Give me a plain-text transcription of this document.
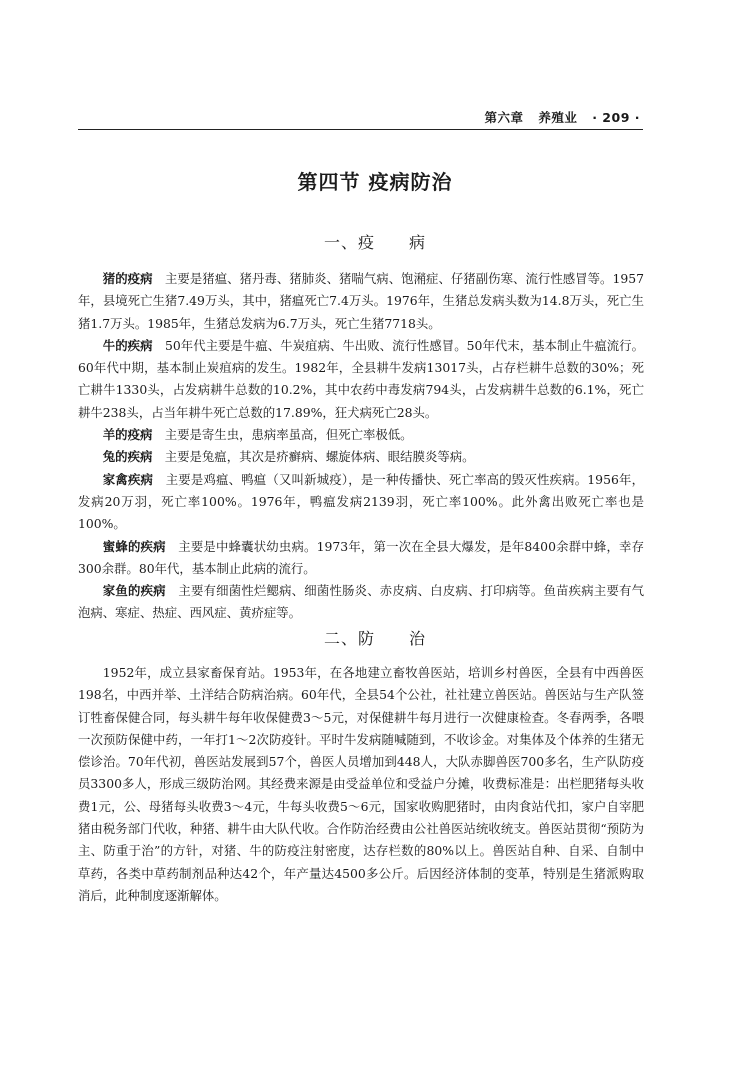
第六章 养殖业 · 209 ·
第四节 疫病防治
一、疫　　病

猪的疫病　 主要是猪瘟、猪丹毒、猪肺炎、猪喘气病、饱潲症、仔猪副伤寒、流行性感冒等。1957年，县境死亡生猪7.49万头，其中，猪瘟死亡7.4万头。1976年，生猪总发病头数为14.8万头，死亡生猪1.7万头。1985年，生猪总发病为6.7万头，死亡生猪7718头。

牛的疾病　 50年代主要是牛瘟、牛炭疽病、牛出败、流行性感冒。50年代末，基本制止牛瘟流行。60年代中期，基本制止炭疽病的发生。1982年，全县耕牛发病13017头，占存栏耕牛总数的30%；死亡耕牛1330头，占发病耕牛总数的10.2%，其中农药中毒发病794头，占发病耕牛总数的6.1%，死亡耕牛238头，占当年耕牛死亡总数的17.89%，狂犬病死亡28头。

羊的疫病　 主要是寄生虫，患病率虽高，但死亡率极低。

兔的疾病　 主要是兔瘟，其次是疥癣病、螺旋体病、眼结膜炎等病。

家禽疾病　 主要是鸡瘟、鸭瘟（又叫新城疫），是一种传播快、死亡率高的毁灭性疾病。1956年，发病20万羽，死亡率100%。1976年，鸭瘟发病2139羽，死亡率100%。此外禽出败死亡率也是100%。

蜜蜂的疾病　 主要是中蜂囊状幼虫病。1973年，第一次在全县大爆发，是年8400余群中蜂，幸存300余群。80年代，基本制止此病的流行。

家鱼的疾病　 主要有细菌性烂鳃病、细菌性肠炎、赤皮病、白皮病、打印病等。鱼苗疾病主要有气泡病、寒症、热症、西风症、黄疥症等。

二、防　　治

1952年，成立县家畜保育站。1953年，在各地建立畜牧兽医站，培训乡村兽医，全县有中西兽医198名，中西并举、土洋结合防病治病。60年代，全县54个公社，社社建立兽医站。兽医站与生产队签订牲畜保健合同，每头耕牛每年收保健费3～5元，对保健耕牛每月进行一次健康检查。冬春两季，各喂一次预防保健中药，一年打1～2次防疫针。平时牛发病随喊随到，不收诊金。对集体及个体养的生猪无偿诊治。70年代初，兽医站发展到57个，兽医人员增加到448人，大队赤脚兽医700多名，生产队防疫员3300多人，形成三级防治网。其经费来源是由受益单位和受益户分摊，收费标准是：出栏肥猪每头收费1元，公、母猪每头收费3～4元，牛每头收费5～6元，国家收购肥猪时，由肉食站代扣，家户自宰肥猪由税务部门代收，种猪、耕牛由大队代收。合作防治经费由公社兽医站统收统支。兽医站贯彻“预防为主、防重于治”的方针，对猪、牛的防疫注射密度，达存栏数的80%以上。兽医站自种、自采、自制中草药，各类中草药制剂品种达42个，年产量达4500多公斤。后因经济体制的变革，特别是生猪派购取消后，此种制度逐渐解体。
